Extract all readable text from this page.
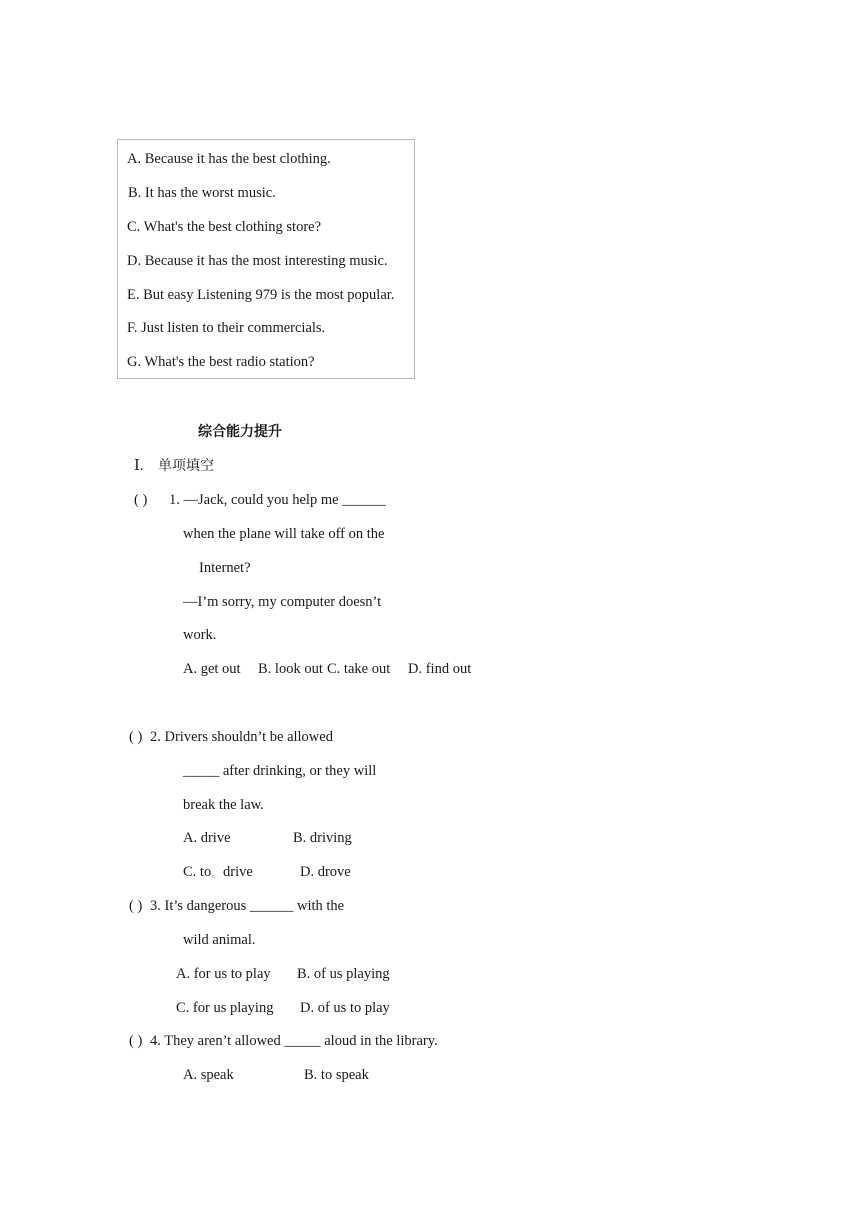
A. Because it has the best clothing.
B. It has the worst music.
C. What's the best clothing store?
D. Because it has the most interesting music.
E. But easy Listening 979 is the most popular.
F. Just listen to their commercials.
G. What's the best radio station?
综合能力提升
Ⅰ. 单项填空
( ) 1. —Jack, could you help me ______
when the plane will take off on the
Internet?
—I’m sorry, my computer doesn’t
work.
A. get out B. look out C. take out D. find out
( ) 2. Drivers shouldn’t be allowed
_____ after drinking, or they will
break the law.
A. drive	B. driving
C. to 。 drive	D. drove
( ) 3. It’s dangerous ______ with the
wild animal.
A. for us to play B. of us playing
C. for us playing D. of us to play
( ) 4. They aren’t allowed _____ aloud in the library.
A. speak	B. to speak
